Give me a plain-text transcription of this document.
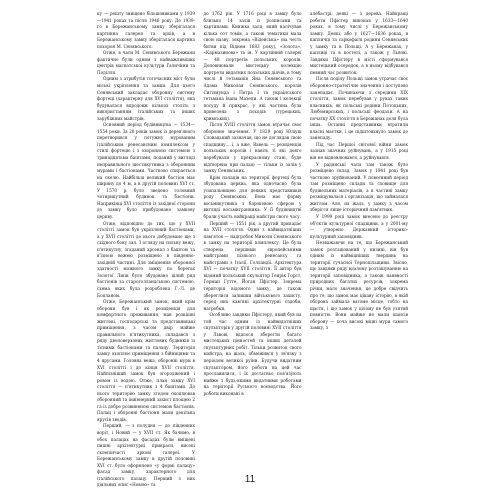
ку — решту знищено більшовиками у 1939—1941 роках та після 1946 року. До 1939-го в Бережанському замку зберігалася картинна галерея та архів, а в Бережанському замку зберігалася картина похорон М. Сенявського.

Отже, в часи М. Сенявського Бережани фактично були одним з найважливіших центрів магнатської культури Галичини та Поділля.

Одним з атрибутів тогочасних міст були міські укріплення та замки. Для цього Сенявський закладає оборонну систему фортеці (характерну для XVI століття), яка будувалася впродовж кількох століть з використанням італійських та інших зарубіжних майстрів.

Основний період будівництва — 1534—1554 роки. За 20 років замок із дерев'яного перетворився у потужну мурованим італійським ренесансним комплексом у стилі фортецю і з охоронною системою з тринадцятьма баштами, поданий у вигляді неправильного шестикутника з оборонним мурами і бастіонами. Частково спирається на скелю. Найбільш великий бастіон має ширину до 4 м, а в другій половині XVI ст. У 1570 р. було зведено головний чотирикутний будинок та бастіони. Наприкінці XVI століття із західної сторони до замку було прибудовано замкову церкву.

Отже, відповідно до тих, що у XVII столітті замок був укріплений бастіонами, а у XVII столітті до нього добудовано ще з східного боку зал. З огляду на сильну вежу, п'ятикутну, згаданий арсенал з баштою та в'їзною вежею розміщено в південно-західній частині. Для зміцнення оборонної здатності можного замку по берегах Золотої Липи було збудовано цілий ряд бастіонів за староголландською системою, схема яких була розроблена Г.-Л. де Бопланом.

Отже, Бережанський замок, який крім оборони був і як резиденція для комфортного проживання, мав розкішні житлові, господарські та представницькі приміщення, з часом двір майже правильного п'ятикутника, складався з ряду двоповерхових житлових будинків із тісними бастіонами та палацу. Територія замку охоплює приміщення з бійницями та 4 ярусами. Головна вежа, оборонні мури в XVI столітті і до кінця XVII століття. Найпізніший замок був огороджений і ровом із водою. Отже, план замку XVI століття — п'ятикутник з 4 баштами. До нього територію замку згодом охоплював оборонний та інженерний захист площею 2 га із добре розвиненою системою бастіонів. Палац і оборонні бастіони мали декілька ярусів зводів.

Перший, — з полудня — до південних воріт, і Новий — у XVII ст. Як бачимо, в обох палацах на фасадах були вміщені пишні архітектурні прикраси, високі склепінчасті аркові галереї. У Бережанському замку в другій половині XVI ст. було оформлено «у формі палацу» фасад замку, характерного для італійського палацу. Перший з них діяльних опис «Новою» та

до 1762 рік. У 1716 році в замку було близько 14 залів із розписами та картинами. Книжка зала, який налічував кілька сот томів, а також тематики мала свою назву, зокрема «Віденська» (на честь битви під Віднем 1683 року), «Золота», «Кармазинова» та ін. У картинній галереї — 48 портретів польських королів. Доповнювали мистецьку колекцію портрети видатних польських діячів, в тому числі й гетьманів Яна Сенявського та Адама Миколая Сенявського, королів Сигізмунда і Петра І та українського гетьмана Івана Мазепи. А також і колекції посуду й прикрас, у які частина була привезена з походів (турецьких, кримських).

Після XVIII століття замок втрачає своє оборонне значення. У 1829 році Юліуш Словацький зазначав, що не доглядав свою спадщину... і, а вже, Вавель — резиденція польських королів і навіть ті які довго перебували у прекрасному стані, буде відтворена при палаці — тільки із залів у замку Сенявських.

Крім палаців на території фортеці була збудована церква, яка одночасно була усипальницею для деяких представників роду Сенявських. Вона має форму восьмикутника з бароковою сферою у вигляді восьмигранника. У її будівництві брали участь найкращі майстри свого часу.

Перший — 1551 рік, а другий припадає на XVII століття. Один з найвидатніших пам'яток — надгробок Миколи Сенявського в замку на території комплексу. Це була створена першими європейськими майстрами пізнього ренесансу та майстрами з Італії, Голландії. Архітектура XVI — початку XVII століття. Її автор був відомий польський скульптор Генрік Горст, Герман Гутте, Йоган Пфістер. Зокрема територія відомого замку, де також збереглися залишки військового захисту, серед них кам'яні архітектурні оздоби, нагробки.

Особливо завдяки Пфістеру, який був на той час одним із найвидатніших скульпторів у другій половині XVII століття у Львові, вдалося зберегти багато мистецьких цінностей та інших деталей скульптурних робіт. Тільки розвиток свого майстра, на жаль, обмежився у зв'язку з періодом великої руїни. Будучи видатним скульптором, його роботи на цей час прославилися, і їх достатньо пов'язують майже з будь-якими видатними роботами на території Руського воєводства. Його роботи виконані в

алебастрі, деякі — з дерева. Найкращі роботи Пфістер виконав у 1633—1640 роках, в тому числі у Бережанському замку. Деякі, або у 1627—1636 роках, в капличці та саркофаги родини Сенявських у замку та в Польщі. А у Бережанах, у каплиці та в костелі, а також у Львові. Завдяки Пфістеру в місті сформувався мистецький осередок, а в ньому відбувався певний час розвиток.

Після поділу Польщі замок утрачає своє оборонно-стратегічне значення і поступово занепадає. Починаючи з середини XIX століття, замок перебував у руках таких власників, як польські родини Потоцьких, Любомирських, і польські феодали. А на початку XX століття в Бережанах доля була інша. Останні представники втратили власні маєтки, і це підштовхнуло замок до занепаду.

Під час Першої світової війни замок зазнав значних руйнувань, а у 1915 році він не відновлювався, а руйнувався.

У радянські часи там також було розміщено склад. Замок у 1941 році був частково зруйнований. У повоєнний період там розміщено склади та сховище для будівельних матеріалів, а в частині замку розміщувалася і організація, що займалася житлом. Але, на жаль, у замку з часом зберігся лише історичний пам'ятник.

У 1999 році замок внесено до реєстру об'єктів культурної спадщини, а у 2001-му — утворено Державний історико-культурний заповідник.

Незважаючи на те, що Бережанський замок розташований у низині, він був одним із найміцніших твердинь на території сучасної Тернопільщини. Звісно, що завдяки ряду вдалому розташуванню на території заповідника, а також наявності природних багатих ресурсів, зокрема річки, мало значення, це добре свідчить про те, що замок має цікаву історію, в якій оборона займала вагоме місце, тобто на щастя, і що замок у цілому не був узятий повністю. Вони майже не мали шансів оборону — хоча високі міцні мури самого замку, з

11
